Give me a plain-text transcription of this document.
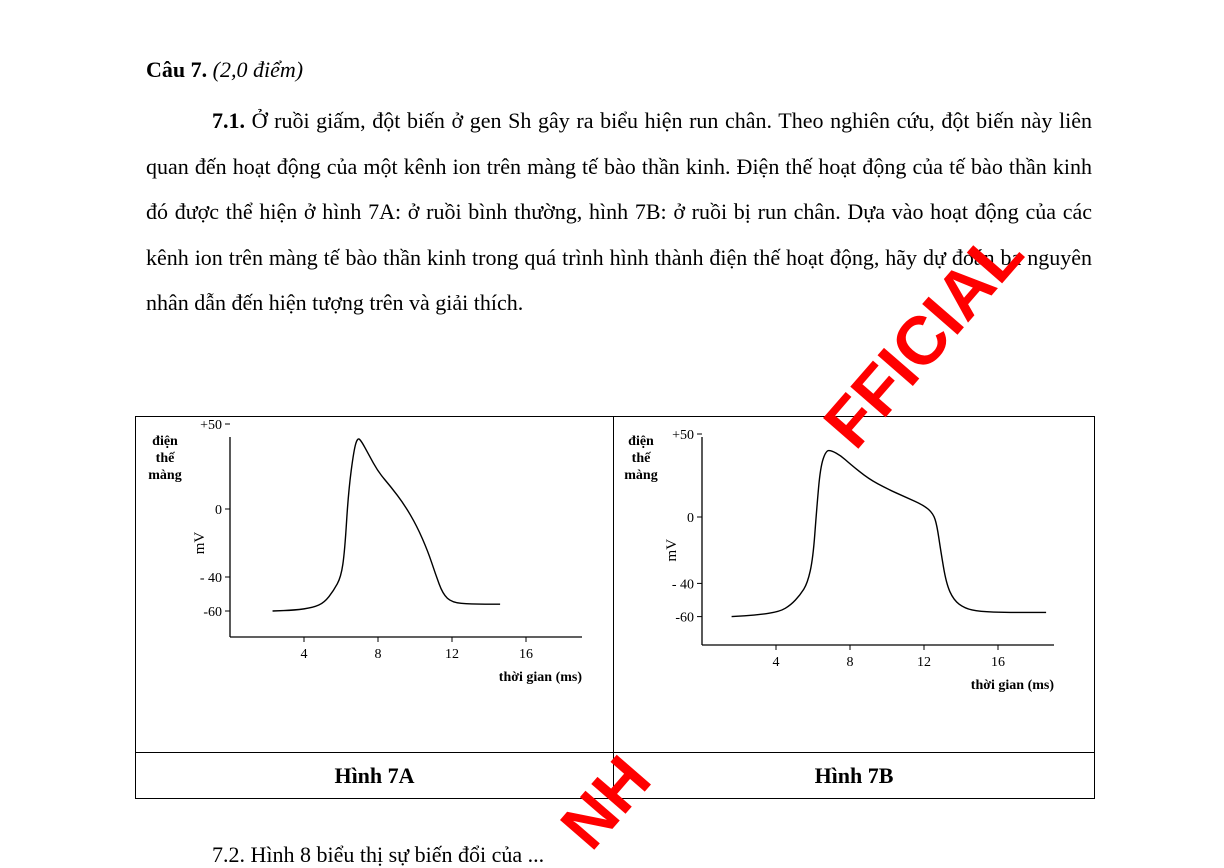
Câu 7. (2,0 điểm)
7.1. Ở ruồi giấm, đột biến ở gen Sh gây ra biểu hiện run chân. Theo nghiên cứu, đột biến này liên quan đến hoạt động của một kênh ion trên màng tế bào thần kinh. Điện thế hoạt động của tế bào thần kinh đó được thể hiện ở hình 7A: ở ruồi bình thường, hình 7B: ở ruồi bị run chân. Dựa vào hoạt động của các kênh ion trên màng tế bào thần kinh trong quá trình hình thành điện thế hoạt động, hãy dự đoán ba nguyên nhân dẫn đến hiện tượng trên và giải thích.
+50
0
- 40
-60
4	8	12	16
thời gian (ms)
điện
thế
màng
mV
+50
0
- 40
-60
4	8	12	16
thời gian (ms)
điện
thế
màng
mV
Hình 7A	Hình 7B
7.2. Hình 8 biểu thị sự biến đổi của ...
FFICIAL
NH
